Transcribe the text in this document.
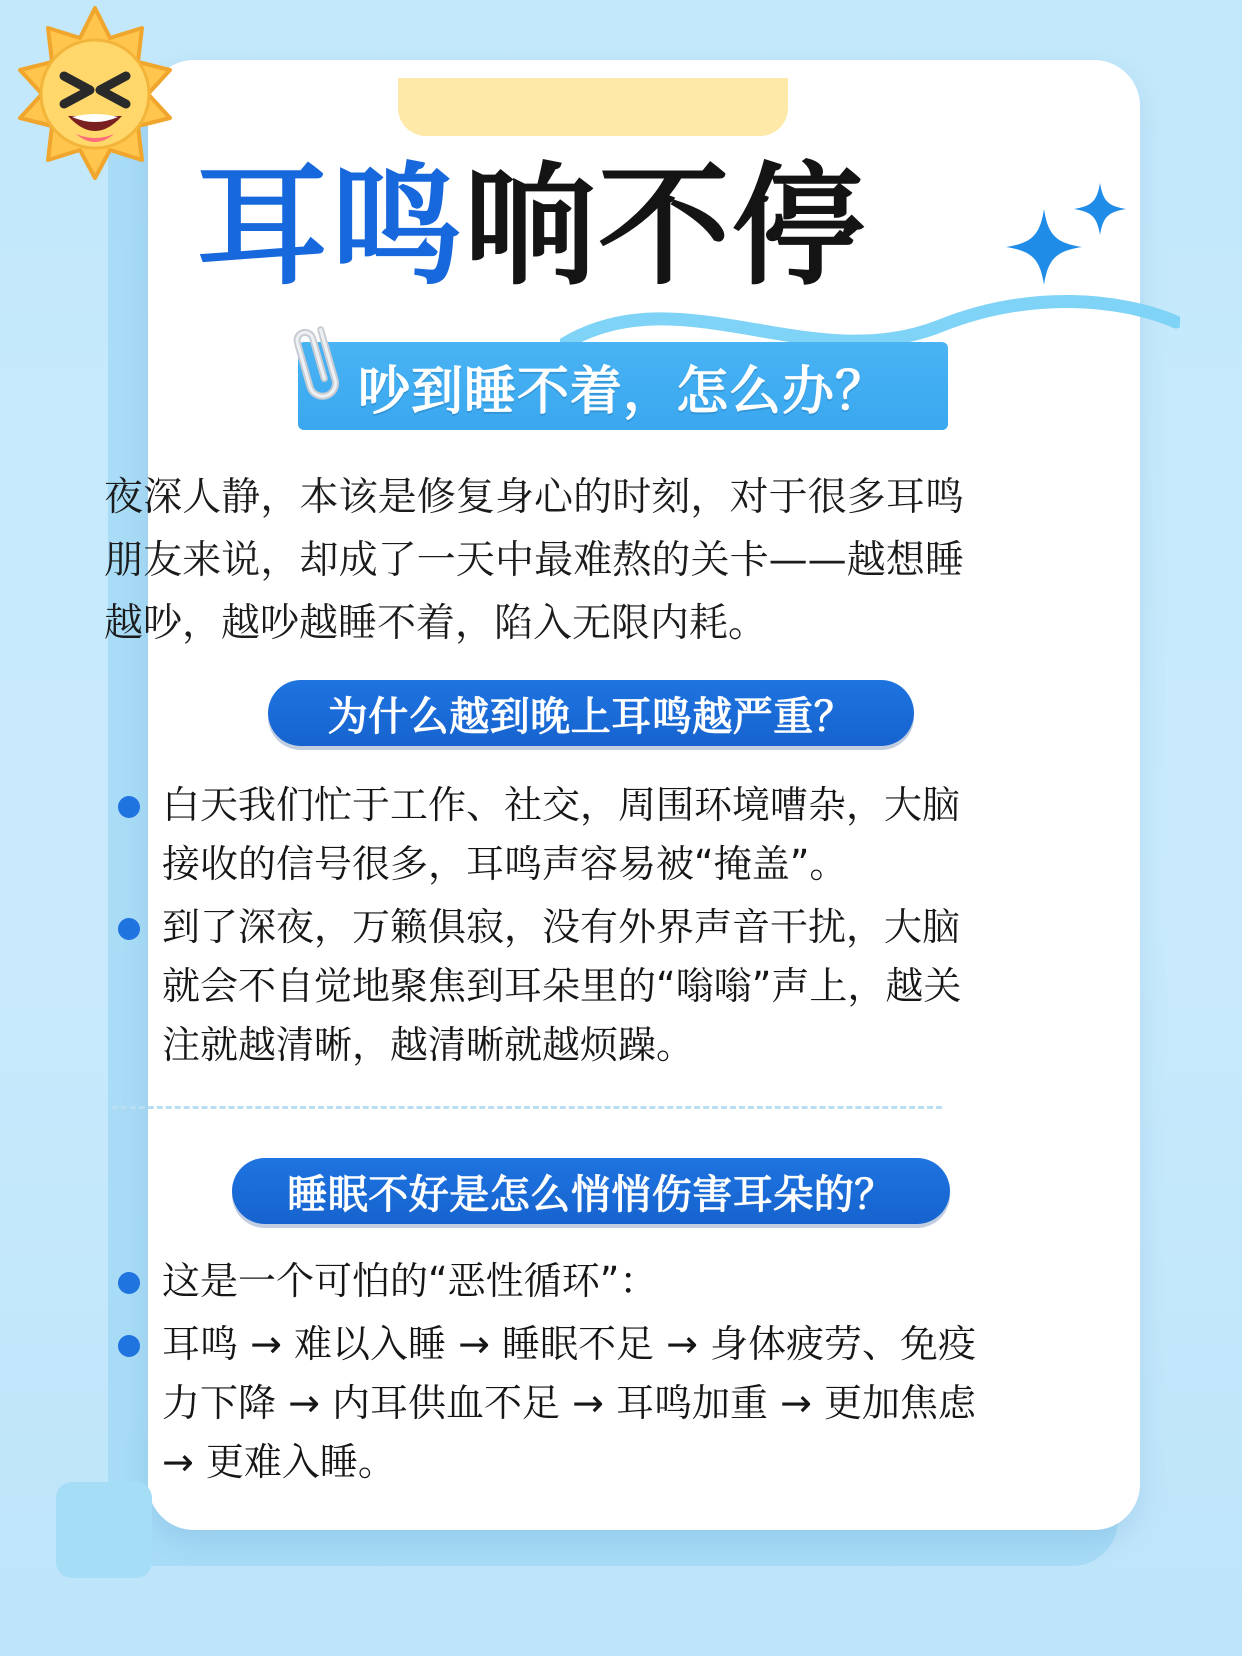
耳鸣响不停
吵到睡不着，怎么办？
夜深人静，本该是修复身心的时刻，对于很多耳鸣朋友来说，却成了一天中最难熬的关卡——越想睡越吵，越吵越睡不着，陷入无限内耗。
为什么越到晚上耳鸣越严重？
白天我们忙于工作、社交，周围环境嘈杂，大脑接收的信号很多，耳鸣声容易被“掩盖”。
到了深夜，万籁俱寂，没有外界声音干扰，大脑就会不自觉地聚焦到耳朵里的“嗡嗡”声上，越关注就越清晰，越清晰就越烦躁。
睡眠不好是怎么悄悄伤害耳朵的？
这是一个可怕的“恶性循环”：
耳鸣 → 难以入睡 → 睡眠不足 → 身体疲劳、免疫力下降 → 内耳供血不足 → 耳鸣加重 → 更加焦虑 → 更难入睡。
